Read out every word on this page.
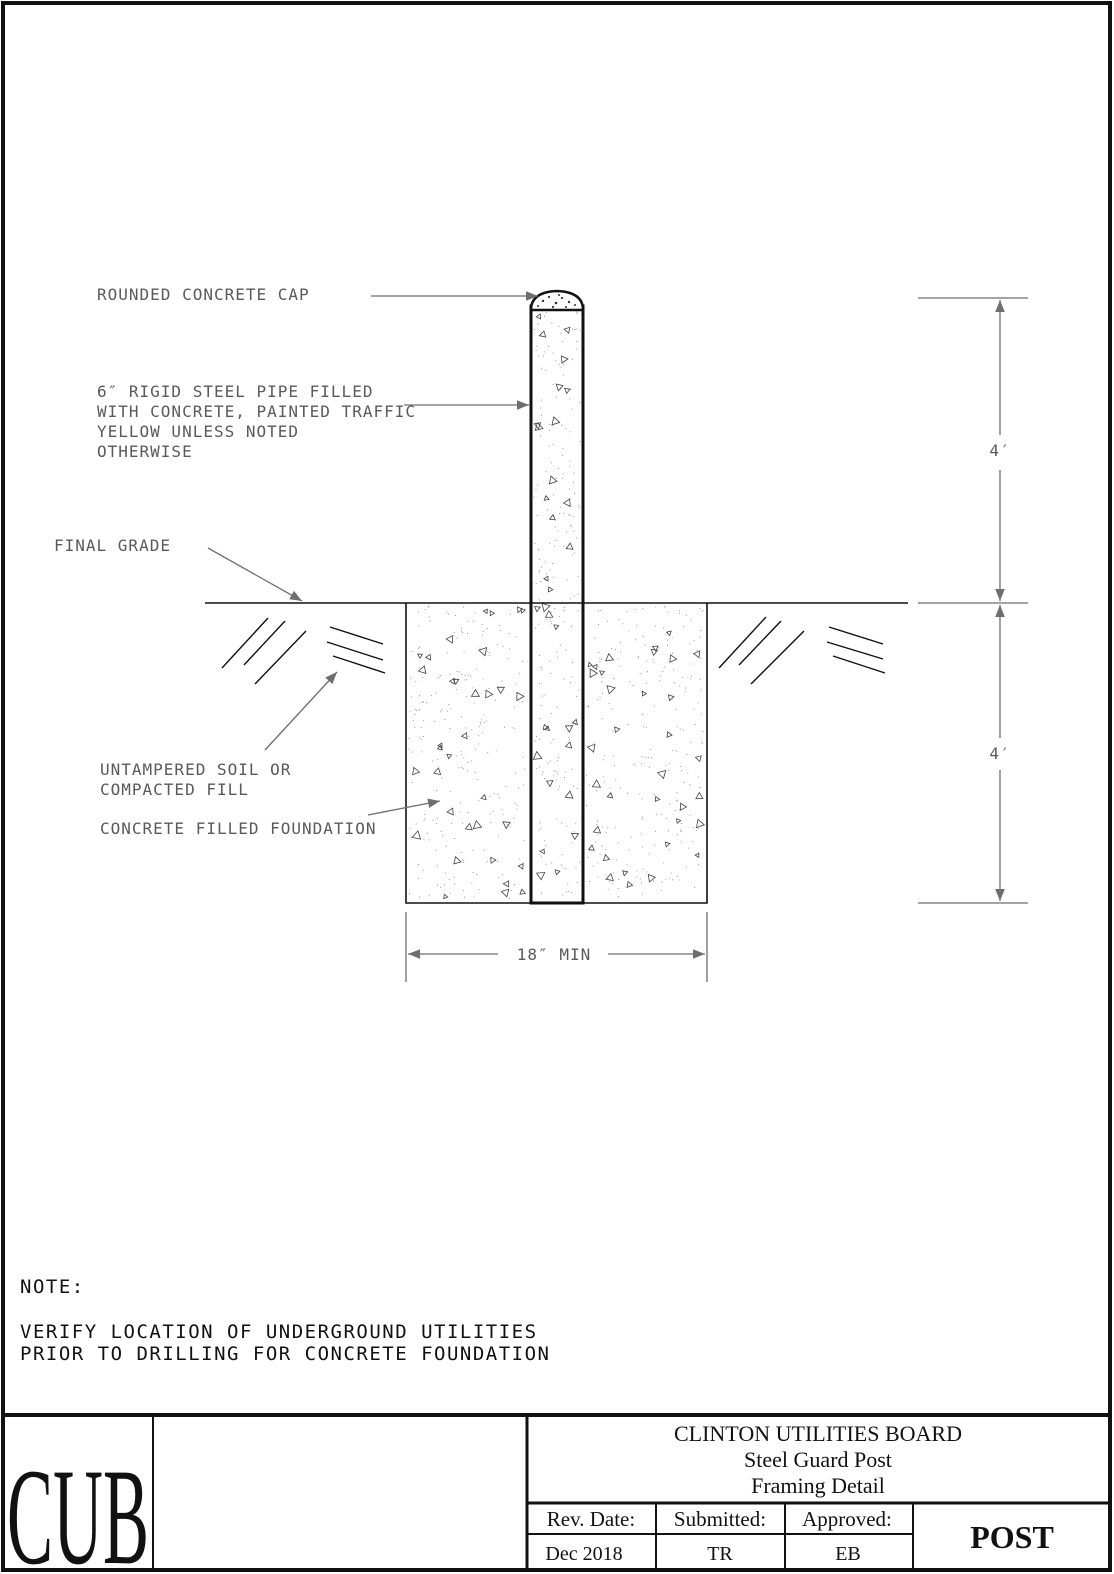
4′
4′
18″ MIN
ROUNDED CONCRETE CAP
6″ RIGID STEEL PIPE FILLED
WITH CONCRETE, PAINTED TRAFFIC
YELLOW UNLESS NOTED
OTHERWISE
FINAL GRADE
UNTAMPERED SOIL OR
COMPACTED FILL
CONCRETE FILLED FOUNDATION
NOTE:
VERIFY LOCATION OF UNDERGROUND UTILITIES
PRIOR TO DRILLING FOR CONCRETE FOUNDATION
CUB
CLINTON UTILITIES BOARD
Steel Guard Post
Framing Detail
Rev. Date: Submitted: Approved:
Dec 2018	TR	EB	POST
